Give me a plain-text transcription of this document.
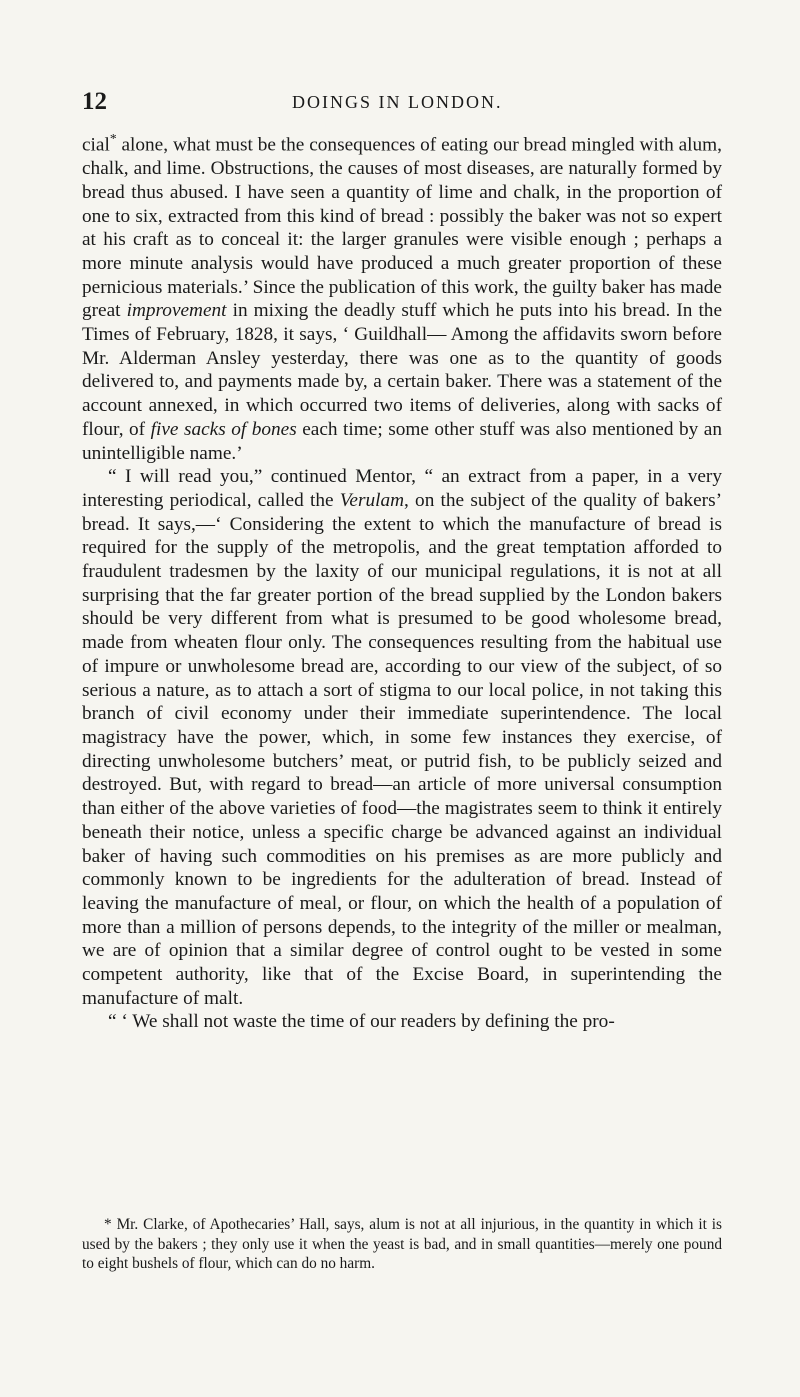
12	DOINGS IN LONDON.

cial* alone, what must be the consequences of eating our bread mingled with alum, chalk, and lime. Obstructions, the causes of most diseases, are naturally formed by bread thus abused. I have seen a quantity of lime and chalk, in the proportion of one to six, extracted from this kind of bread : possibly the baker was not so expert at his craft as to conceal it: the larger granules were visible enough ; perhaps a more minute analysis would have produced a much greater proportion of these pernicious materials.’ Since the publication of this work, the guilty baker has made great improvement in mixing the deadly stuff which he puts into his bread. In the Times of February, 1828, it says, ‘ Guildhall— Among the affidavits sworn before Mr. Alderman Ansley yesterday, there was one as to the quantity of goods delivered to, and payments made by, a certain baker. There was a statement of the account annexed, in which occurred two items of deliveries, along with sacks of flour, of five sacks of bones each time; some other stuff was also mentioned by an unintelligible name.’

“ I will read you,” continued Mentor, “ an extract from a paper, in a very interesting periodical, called the Verulam, on the subject of the quality of bakers’ bread. It says,—‘ Considering the extent to which the manufacture of bread is required for the supply of the metropolis, and the great temptation afforded to fraudulent tradesmen by the laxity of our municipal regulations, it is not at all surprising that the far greater portion of the bread supplied by the London bakers should be very different from what is presumed to be good wholesome bread, made from wheaten flour only. The consequences resulting from the habitual use of impure or unwholesome bread are, according to our view of the subject, of so serious a nature, as to attach a sort of stigma to our local police, in not taking this branch of civil economy under their immediate superintendence. The local magistracy have the power, which, in some few instances they exercise, of directing unwholesome butchers’ meat, or putrid fish, to be publicly seized and destroyed. But, with regard to bread—an article of more universal consumption than either of the above varieties of food—the magistrates seem to think it entirely beneath their notice, unless a specific charge be advanced against an individual baker of having such commodities on his premises as are more publicly and commonly known to be ingredients for the adulteration of bread. Instead of leaving the manufacture of meal, or flour, on which the health of a population of more than a million of persons depends, to the integrity of the miller or mealman, we are of opinion that a similar degree of control ought to be vested in some competent authority, like that of the Excise Board, in superintending the manufacture of malt.

“ ‘ We shall not waste the time of our readers by defining the pro-

* Mr. Clarke, of Apothecaries’ Hall, says, alum is not at all injurious, in the quantity in which it is used by the bakers ; they only use it when the yeast is bad, and in small quantities—merely one pound to eight bushels of flour, which can do no harm.
